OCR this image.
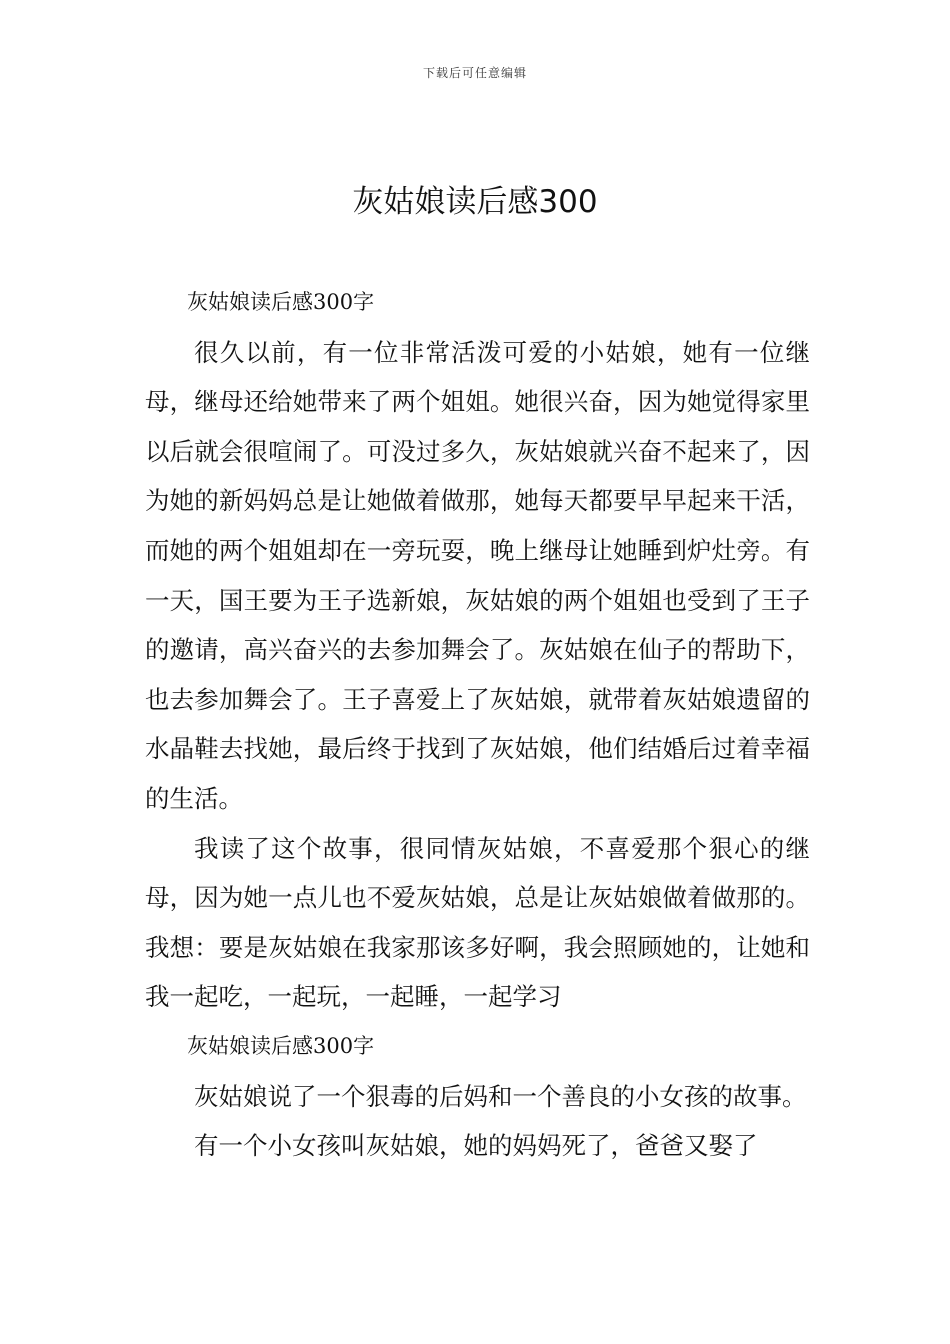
下载后可任意编辑
灰姑娘读后感300

灰姑娘读后感300字

很久以前，有一位非常活泼可爱的小姑娘，她有一位继母，继母还给她带来了两个姐姐。她很兴奋，因为她觉得家里以后就会很喧闹了。可没过多久，灰姑娘就兴奋不起来了，因为她的新妈妈总是让她做着做那，她每天都要早早起来干活，而她的两个姐姐却在一旁玩耍，晚上继母让她睡到炉灶旁。有一天，国王要为王子选新娘，灰姑娘的两个姐姐也受到了王子的邀请，高兴奋兴的去参加舞会了。灰姑娘在仙子的帮助下，也去参加舞会了。王子喜爱上了灰姑娘，就带着灰姑娘遗留的水晶鞋去找她，最后终于找到了灰姑娘，他们结婚后过着幸福的生活。

我读了这个故事，很同情灰姑娘，不喜爱那个狠心的继母，因为她一点儿也不爱灰姑娘，总是让灰姑娘做着做那的。我想：要是灰姑娘在我家那该多好啊，我会照顾她的，让她和我一起吃，一起玩，一起睡，一起学习

灰姑娘读后感300字

灰姑娘说了一个狠毒的后妈和一个善良的小女孩的故事。

有一个小女孩叫灰姑娘，她的妈妈死了，爸爸又娶了
